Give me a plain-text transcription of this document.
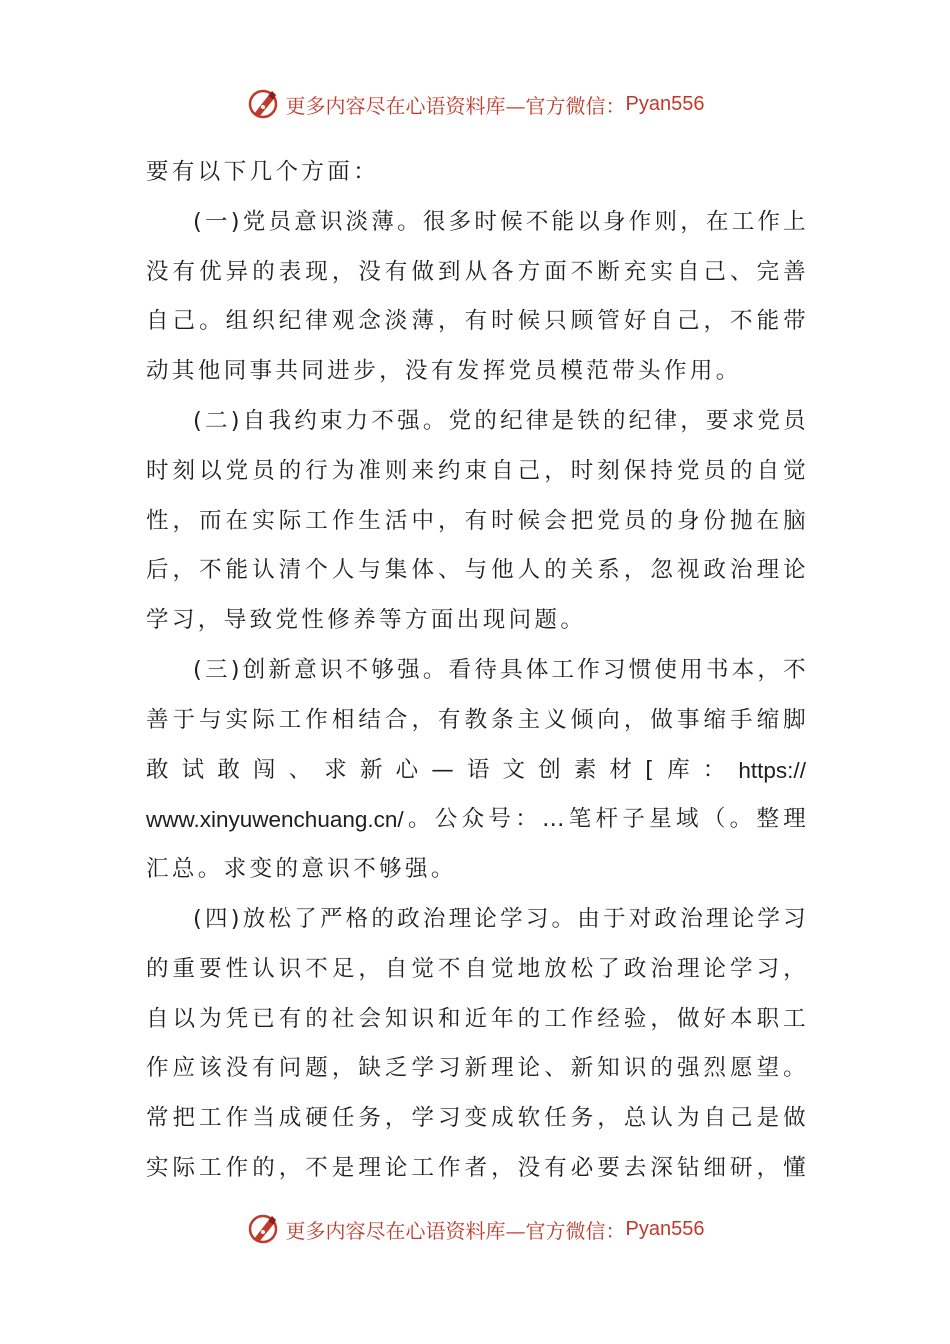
更多内容尽在心语资料库—官方微信： Pyan556
要有以下几个方面：
( 一 ) 党 员 意 识 淡 薄 。 很 多 时 候 不 能 以 身 作 则 ， 在 工 作 上
没 有 优 异 的 表 现 ， 没 有 做 到 从 各 方 面 不 断 充 实 自 己 、 完 善
自 己 。 组 织 纪 律 观 念 淡 薄 ， 有 时 候 只 顾 管 好 自 己 ， 不 能 带
动其他同事共同进步，没有发挥党员模范带头作用。
( 二 ) 自 我 约 束 力 不 强 。 党 的 纪 律 是 铁 的 纪 律 ， 要 求 党 员
时 刻 以 党 员 的 行 为 准 则 来 约 束 自 己 ， 时 刻 保 持 党 员 的 自 觉
性 ， 而 在 实 际 工 作 生 活 中 ， 有 时 候 会 把 党 员 的 身 份 抛 在 脑
后 ， 不 能 认 清 个 人 与 集 体 、 与 他 人 的 关 系 ， 忽 视 政 治 理 论
学习，导致党性修养等方面出现问题。
( 三 ) 创 新 意 识 不 够 强 。 看 待 具 体 工 作 习 惯 使 用 书 本 ， 不
善 于 与 实 际 工 作 相 结 合 ， 有 教 条 主 义 倾 向 ， 做 事 缩 手 缩 脚
敢 试 敢 闯 、 求 新 心 — 语 文 创 素 材 [ 库 ： https://
www.xinyuwenchuang.cn/ 。 公 众 号 ： … 笔 杆 子 星 域 （ 。 整 理
汇总。求变的意识不够强。
( 四 ) 放 松 了 严 格 的 政 治 理 论 学 习 。 由 于 对 政 治 理 论 学 习
的 重 要 性 认 识 不 足 ， 自 觉 不 自 觉 地 放 松 了 政 治 理 论 学 习 ，
自 以 为 凭 已 有 的 社 会 知 识 和 近 年 的 工 作 经 验 ， 做 好 本 职 工
作 应 该 没 有 问 题 ， 缺 乏 学 习 新 理 论 、 新 知 识 的 强 烈 愿 望 。
常 把 工 作 当 成 硬 任 务 ， 学 习 变 成 软 任 务 ， 总 认 为 自 己 是 做
实 际 工 作 的 ， 不 是 理 论 工 作 者 ， 没 有 必 要 去 深 钻 细 研 ， 懂
更多内容尽在心语资料库—官方微信： Pyan556
